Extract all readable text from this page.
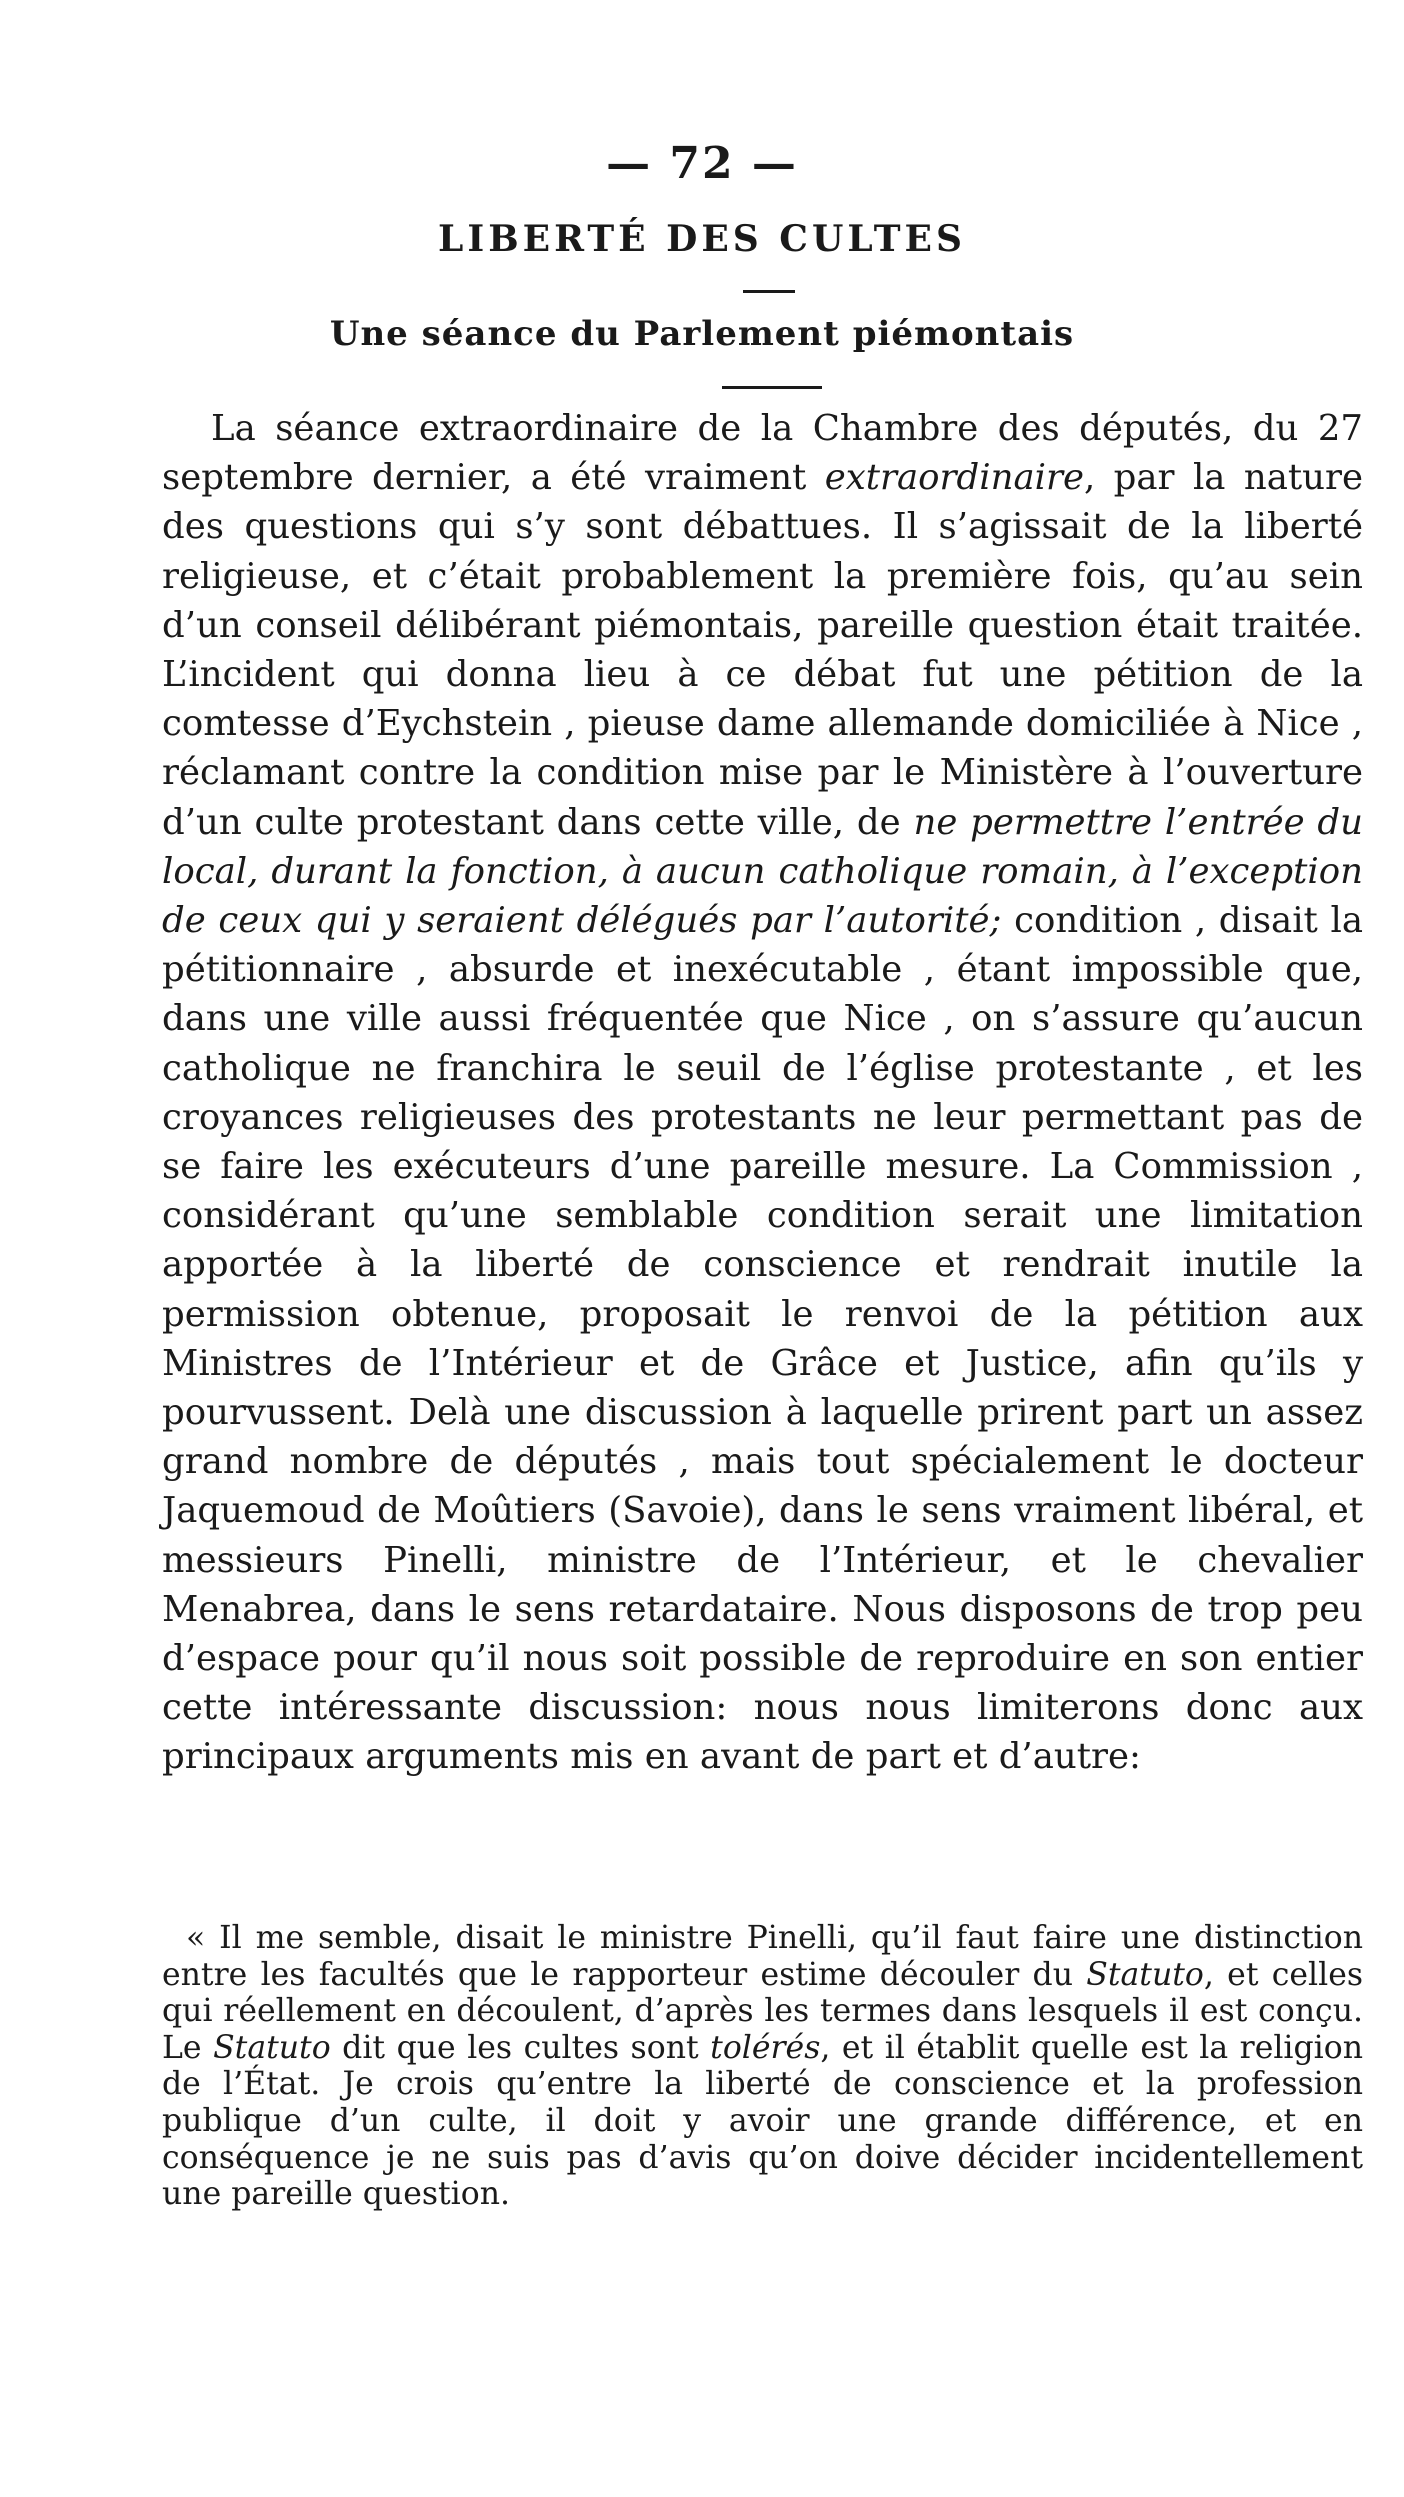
— 72 —
LIBERTÉ DES CULTES
Une séance du Parlement piémontais

La séance extraordinaire de la Chambre des députés, du 27 septembre dernier, a été vraiment extraordinaire, par la nature des questions qui s’y sont débattues. Il s’agissait de la liberté religieuse, et c’était probablement la première fois, qu’au sein d’un conseil délibérant piémontais, pareille question était traitée. L’incident qui donna lieu à ce débat fut une pétition de la comtesse d’Eychstein , pieuse dame allemande domiciliée à Nice , réclamant contre la condition mise par le Ministère à l’ouverture d’un culte protestant dans cette ville, de ne permettre l’entrée du local, durant la fonction, à aucun catholique romain, à l’exception de ceux qui y seraient délégués par l’autorité; condition , disait la pétitionnaire , absurde et inexécutable , étant impossible que, dans une ville aussi fréquentée que Nice , on s’assure qu’aucun catholique ne franchira le seuil de l’église protestante , et les croyances religieuses des protestants ne leur permettant pas de se faire les exécuteurs d’une pareille mesure. La Commission , considérant qu’une semblable condition serait une limitation apportée à la liberté de conscience et rendrait inutile la permission obtenue, proposait le renvoi de la pétition aux Ministres de l’Intérieur et de Grâce et Justice, afin qu’ils y pourvussent. Delà une discussion à laquelle prirent part un assez grand nombre de députés , mais tout spécialement le docteur Jaquemoud de Moûtiers (Savoie), dans le sens vraiment libéral, et messieurs Pinelli, ministre de l’Intérieur, et le chevalier Menabrea, dans le sens retardataire. Nous disposons de trop peu d’espace pour qu’il nous soit possible de reproduire en son entier cette intéressante discussion: nous nous limiterons donc aux principaux arguments mis en avant de part et d’autre:

« Il me semble, disait le ministre Pinelli, qu’il faut faire une distinction entre les facultés que le rapporteur estime découler du Statuto, et celles qui réellement en découlent, d’après les termes dans lesquels il est conçu. Le Statuto dit que les cultes sont tolérés, et il établit quelle est la religion de l’État. Je crois qu’entre la liberté de conscience et la profession publique d’un culte, il doit y avoir une grande différence, et en conséquence je ne suis pas d’avis qu’on doive décider incidentellement une pareille question.
